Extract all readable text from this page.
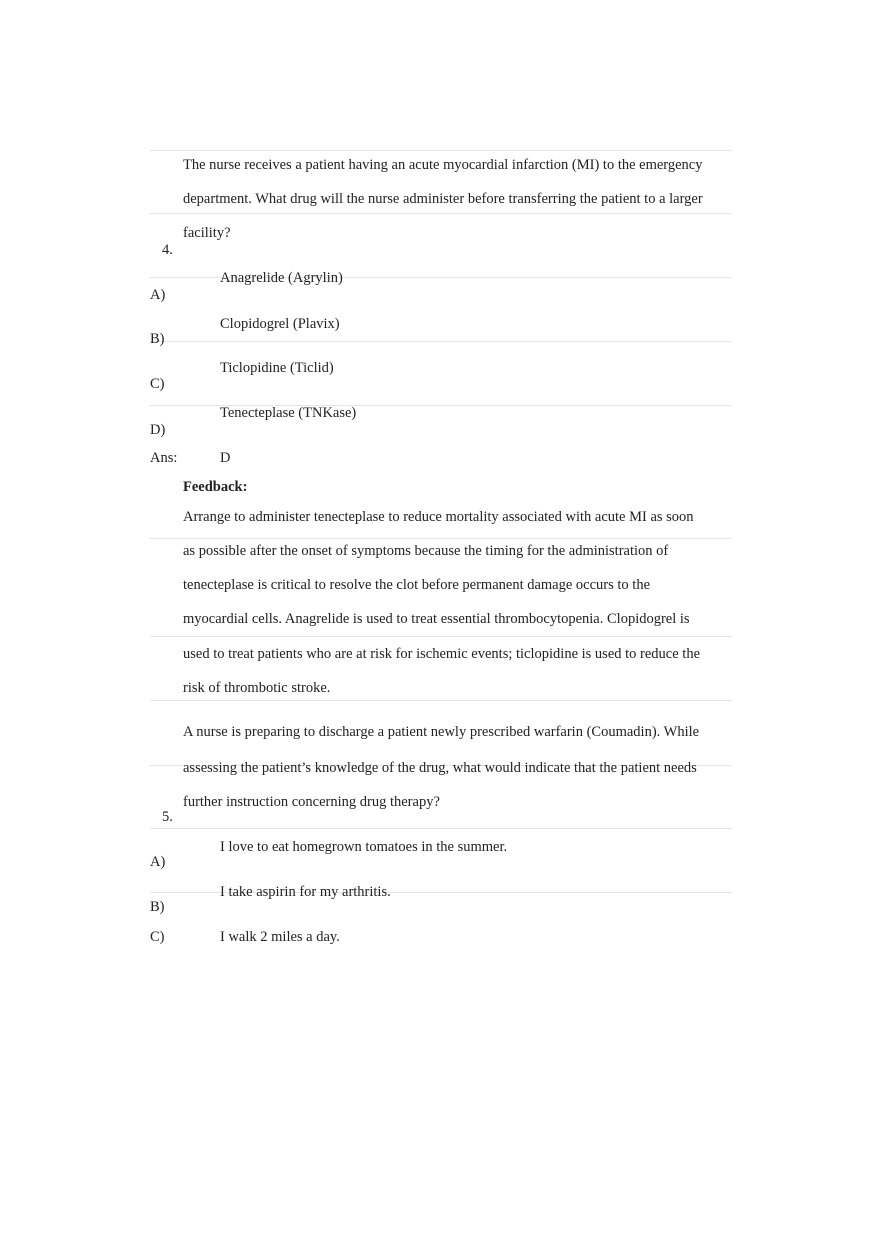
The nurse receives a patient having an acute myocardial infarction (MI) to the emergency
department. What drug will the nurse administer before transferring the patient to a larger
facility?
4.
Anagrelide (Agrylin)
A)
Clopidogrel (Plavix)
B)
Ticlopidine (Ticlid)
C)
Tenecteplase (TNKase)
D)
Ans:	D
Feedback:
Arrange to administer tenecteplase to reduce mortality associated with acute MI as soon
as possible after the onset of symptoms because the timing for the administration of
tenecteplase is critical to resolve the clot before permanent damage occurs to the
myocardial cells. Anagrelide is used to treat essential thrombocytopenia. Clopidogrel is
used to treat patients who are at risk for ischemic events; ticlopidine is used to reduce the
risk of thrombotic stroke.
A nurse is preparing to discharge a patient newly prescribed warfarin (Coumadin). While
assessing the patient’s knowledge of the drug, what would indicate that the patient needs
further instruction concerning drug therapy?
5.
I love to eat homegrown tomatoes in the summer.
A)
I take aspirin for my arthritis.
B)
C)	I walk 2 miles a day.
